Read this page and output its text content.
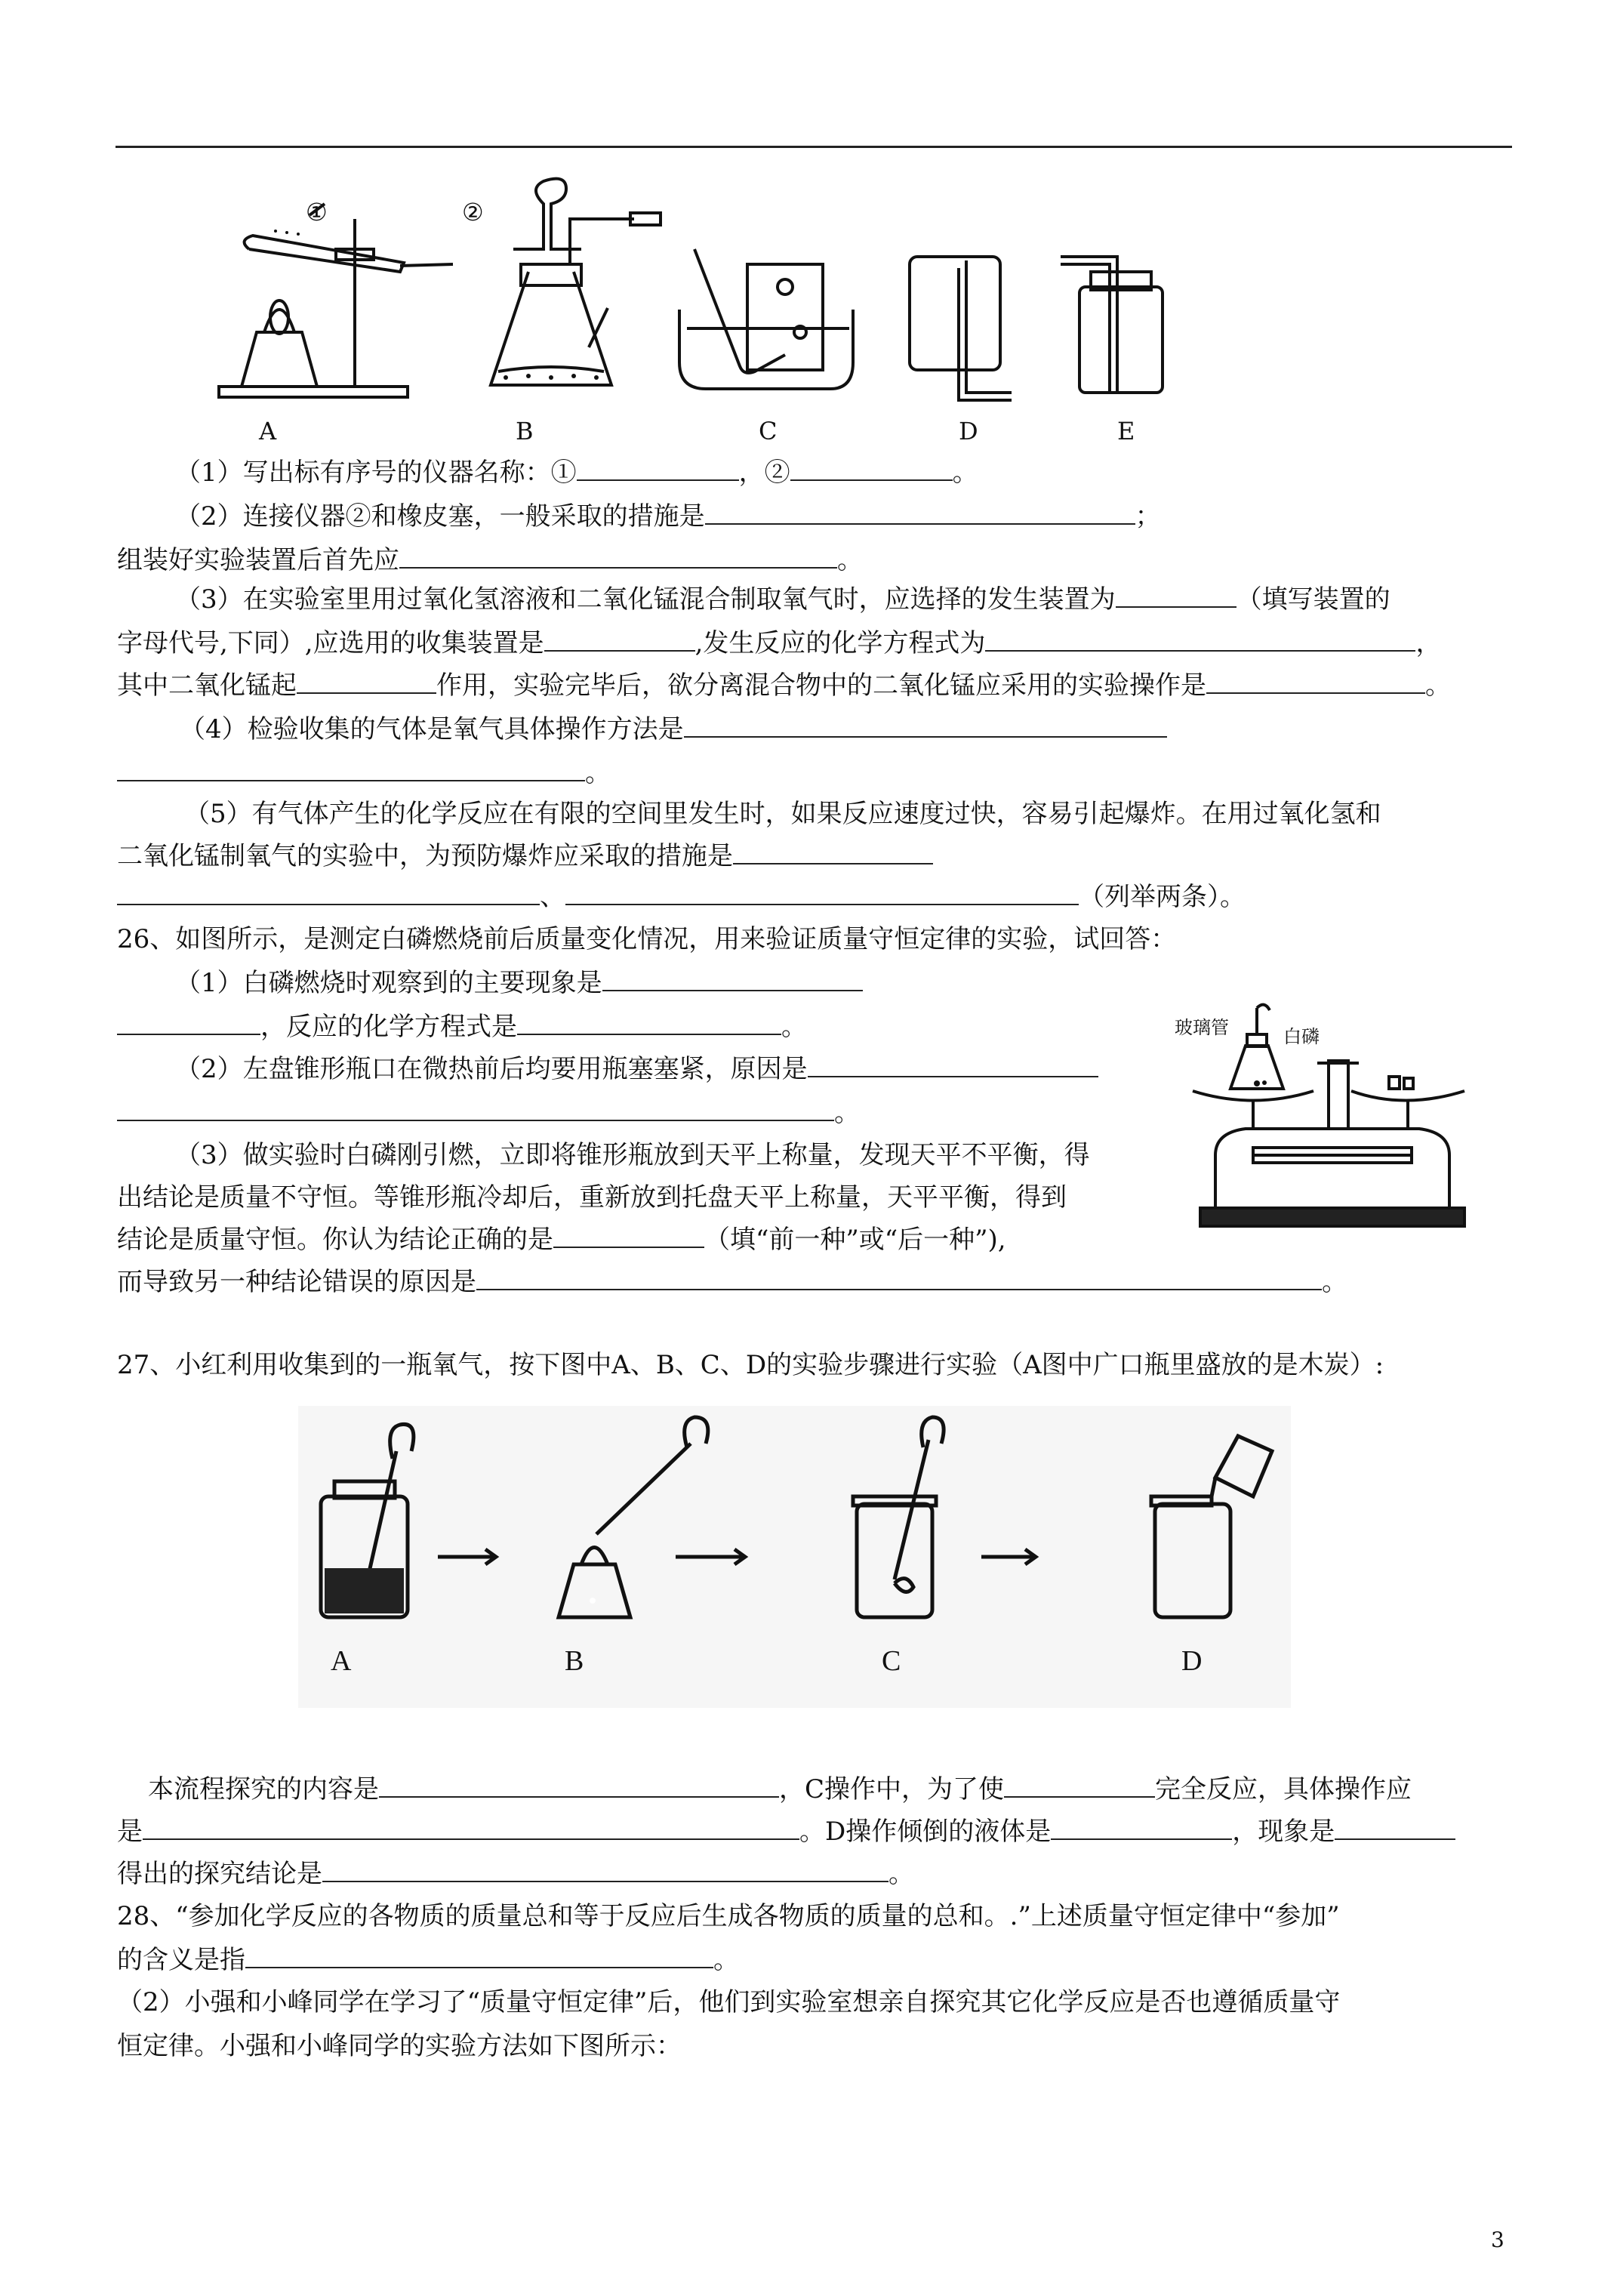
①	②
A	B	C	D	E
（1）写出标有序号的仪器名称：①	，②	。
（2）连接仪器②和橡皮塞，一般采取的措施是	；
组装好实验装置后首先应	。
（3）在实验室里用过氧化氢溶液和二氧化锰混合制取氧气时，应选择的发生装置为	（填写装置的
字母代号,下同）,应选用的收集装置是	,发生反应的化学方程式为	，
其中二氧化锰起	作用，实验完毕后，欲分离混合物中的二氧化锰应采用的实验操作是	。
（4）检验收集的气体是氧气具体操作方法是
。
（5）有气体产生的化学反应在有限的空间里发生时，如果反应速度过快，容易引起爆炸。在用过氧化氢和
二氧化锰制氧气的实验中，为预防爆炸应采取的措施是
、	（列举两条）。
26、如图所示，是测定白磷燃烧前后质量变化情况，用来验证质量守恒定律的实验，试回答：
（1）白磷燃烧时观察到的主要现象是
，反应的化学方程式是	。
（2）左盘锥形瓶口在微热前后均要用瓶塞塞紧，原因是
。
（3）做实验时白磷刚引燃，立即将锥形瓶放到天平上称量，发现天平不平衡，得
出结论是质量不守恒。等锥形瓶冷却后，重新放到托盘天平上称量，天平平衡，得到
结论是质量守恒。你认为结论正确的是	（填“前一种”或“后一种”),
而导致另一种结论错误的原因是	。
玻璃管	白磷
27、小红利用收集到的一瓶氧气，按下图中A、B、C、D的实验步骤进行实验（A图中广口瓶里盛放的是木炭）:
A	B	C	D
本流程探究的内容是	，C操作中，为了使	完全反应，具体操作应
是	。D操作倾倒的液体是	，现象是
得出的探究结论是	。
28、“参加化学反应的各物质的质量总和等于反应后生成各物质的质量的总和。.”上述质量守恒定律中“参加”
的含义是指	。
（2）小强和小峰同学在学习了“质量守恒定律”后，他们到实验室想亲自探究其它化学反应是否也遵循质量守
恒定律。小强和小峰同学的实验方法如下图所示：
3
